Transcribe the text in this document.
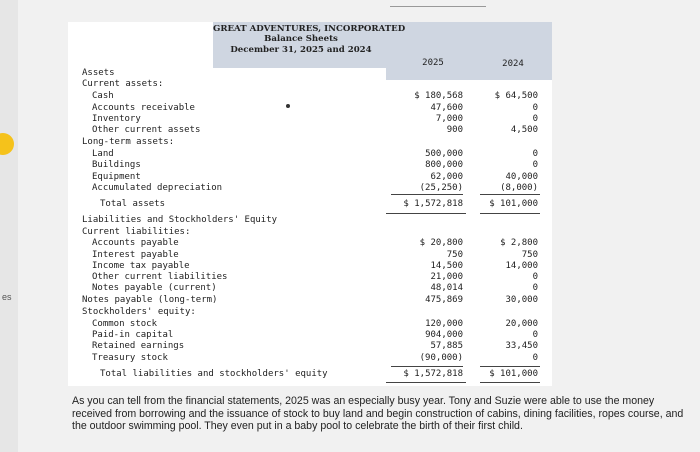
es
GREAT ADVENTURES, INCORPORATED
Balance Sheets
December 31, 2025 and 2024
2025	2024
Assets
Current assets:
Cash	$ 180,568	$ 64,500
Accounts receivable	47,600	0
Inventory	7,000	0
Other current assets	900	4,500
Long-term assets:
Land	500,000	0
Buildings	800,000	0
Equipment	62,000	40,000
Accumulated depreciation	(25,250)	(8,000)
Total assets	$ 1,572,818	$ 101,000
Liabilities and Stockholders' Equity
Current liabilities:
Accounts payable	$ 20,800	$ 2,800
Interest payable	750	750
Income tax payable	14,500	14,000
Other current liabilities	21,000	0
Notes payable (current)	48,014	0
Notes payable (long-term)	475,869	30,000
Stockholders' equity:
Common stock	120,000	20,000
Paid-in capital	904,000	0
Retained earnings	57,885	33,450
Treasury stock	(90,000)	0
Total liabilities and stockholders' equity	$ 1,572,818	$ 101,000
As you can tell from the financial statements, 2025 was an especially busy year. Tony and Suzie were able to use the money received from borrowing and the issuance of stock to buy land and begin construction of cabins, dining facilities, ropes course, and the outdoor swimming pool. They even put in a baby pool to celebrate the birth of their first child.
